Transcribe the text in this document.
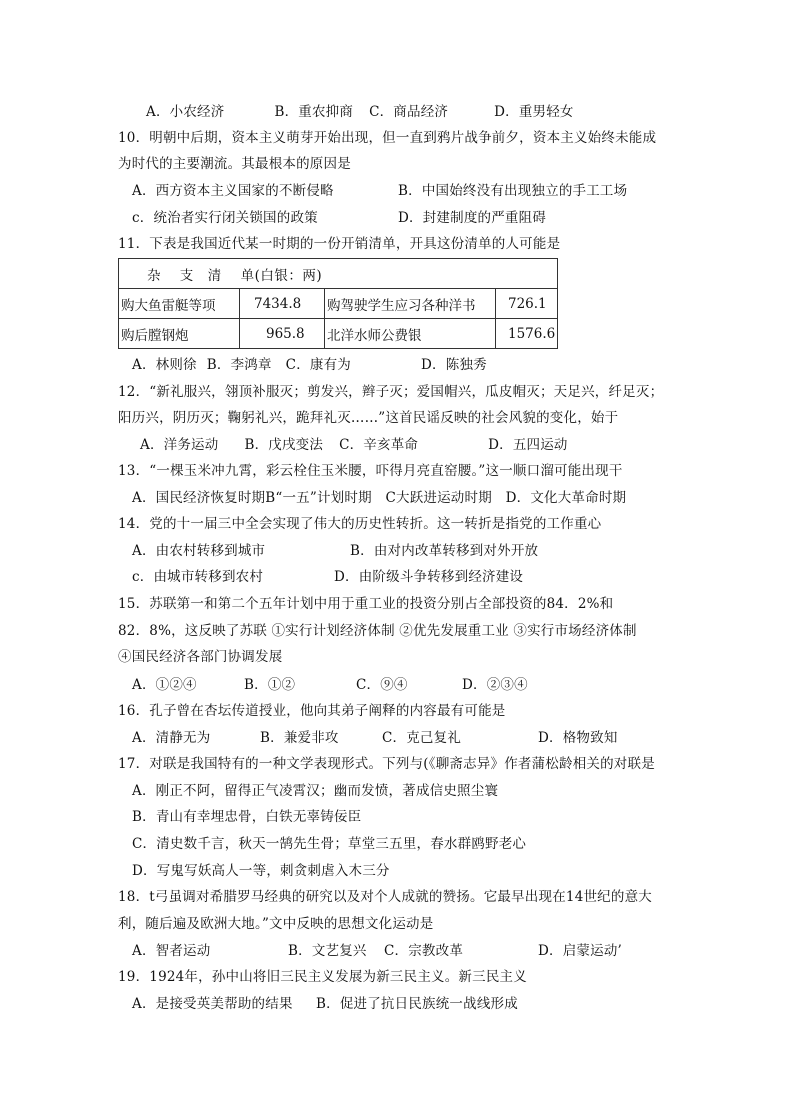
A．小农经济	B．重农抑商 C．商品经济	D．重男轻女
10．明朝中后期，资本主义萌芽开始出现，但一直到鸦片战争前夕，资本主义始终未能成
为时代的主要潮流。其最根本的原因是
A．西方资本主义国家的不断侵略	B．中国始终没有出现独立的手工工场
c．统治者实行闭关锁国的政策	D．封建制度的严重阻碍
11．下表是我国近代某一时期的一份开销清单，开具这份清单的人可能是
杂　 支　清　 单(白银：两)			
购大鱼雷艇等项	7434.8	购驾驶学生应习各种洋书	726.1
购后膛钢炮	965.8	北洋水师公费银	1576.6
A．林则徐 B．李鸿章 C．康有为	D．陈独秀
12．“新礼服兴，翎顶补服灭；剪发兴，辫子灭；爱国帽兴，瓜皮帽灭；天足兴，纤足灭；
阳历兴，阴历灭；鞠躬礼兴，跪拜礼灭……”这首民谣反映的社会风貌的变化，始于
A．洋务运动 B．戊戌变法 C．辛亥革命	D．五四运动
13．“一棵玉米冲九霄，彩云栓住玉米腰，吓得月亮直窑腰。”这一顺口溜可能出现干
A．国民经济恢复时期B“一五”计划时期　C大跃进运动时期　D．文化大革命时期
14．党的十一届三中全会实现了伟大的历史性转折。这一转折是指党的工作重心
A．由农村转移到城市	B．由对内改革转移到对外开放
c．由城市转移到农村	D．由阶级斗争转移到经济建设
15．苏联第一和第二个五年计划中用于重工业的投资分别占全部投资的84．2%和
82．8%，这反映了苏联 ①实行计划经济体制 ②优先发展重工业 ③实行市场经济体制
④国民经济各部门协调发展
A．①②④	B．①②	C．⑨④	D．②③④
16．孔子曾在杏坛传道授业，他向其弟子阐释的内容最有可能是
A．清静无为	B．兼爱非攻	C．克己复礼	D．格物致知
17．对联是我国特有的一种文学表现形式。下列与(《聊斋志异》作者蒲松龄相关的对联是
A．刚正不阿，留得正气凌霄汉；幽而发愤，著成信史照尘寰
B．青山有幸埋忠骨，白铁无辜铸佞臣
C．清史数千言，秋天一鹄先生骨；草堂三五里，春水群鸥野老心
D．写鬼写妖高人一等，刺贪刺虐入木三分
18．t弓虽调对希腊罗马经典的研究以及对个人成就的赞扬。它最早出现在14世纪的意大
利，随后遍及欧洲大地。”文中反映的思想文化运动是
A．智者运动	B．文艺复兴 C．宗教改革	D．启蒙运动’
19．1924年，孙中山将旧三民主义发展为新三民主义。新三民主义
A．是接受英美帮助的结果 B．促进了抗日民族统一战线形成
